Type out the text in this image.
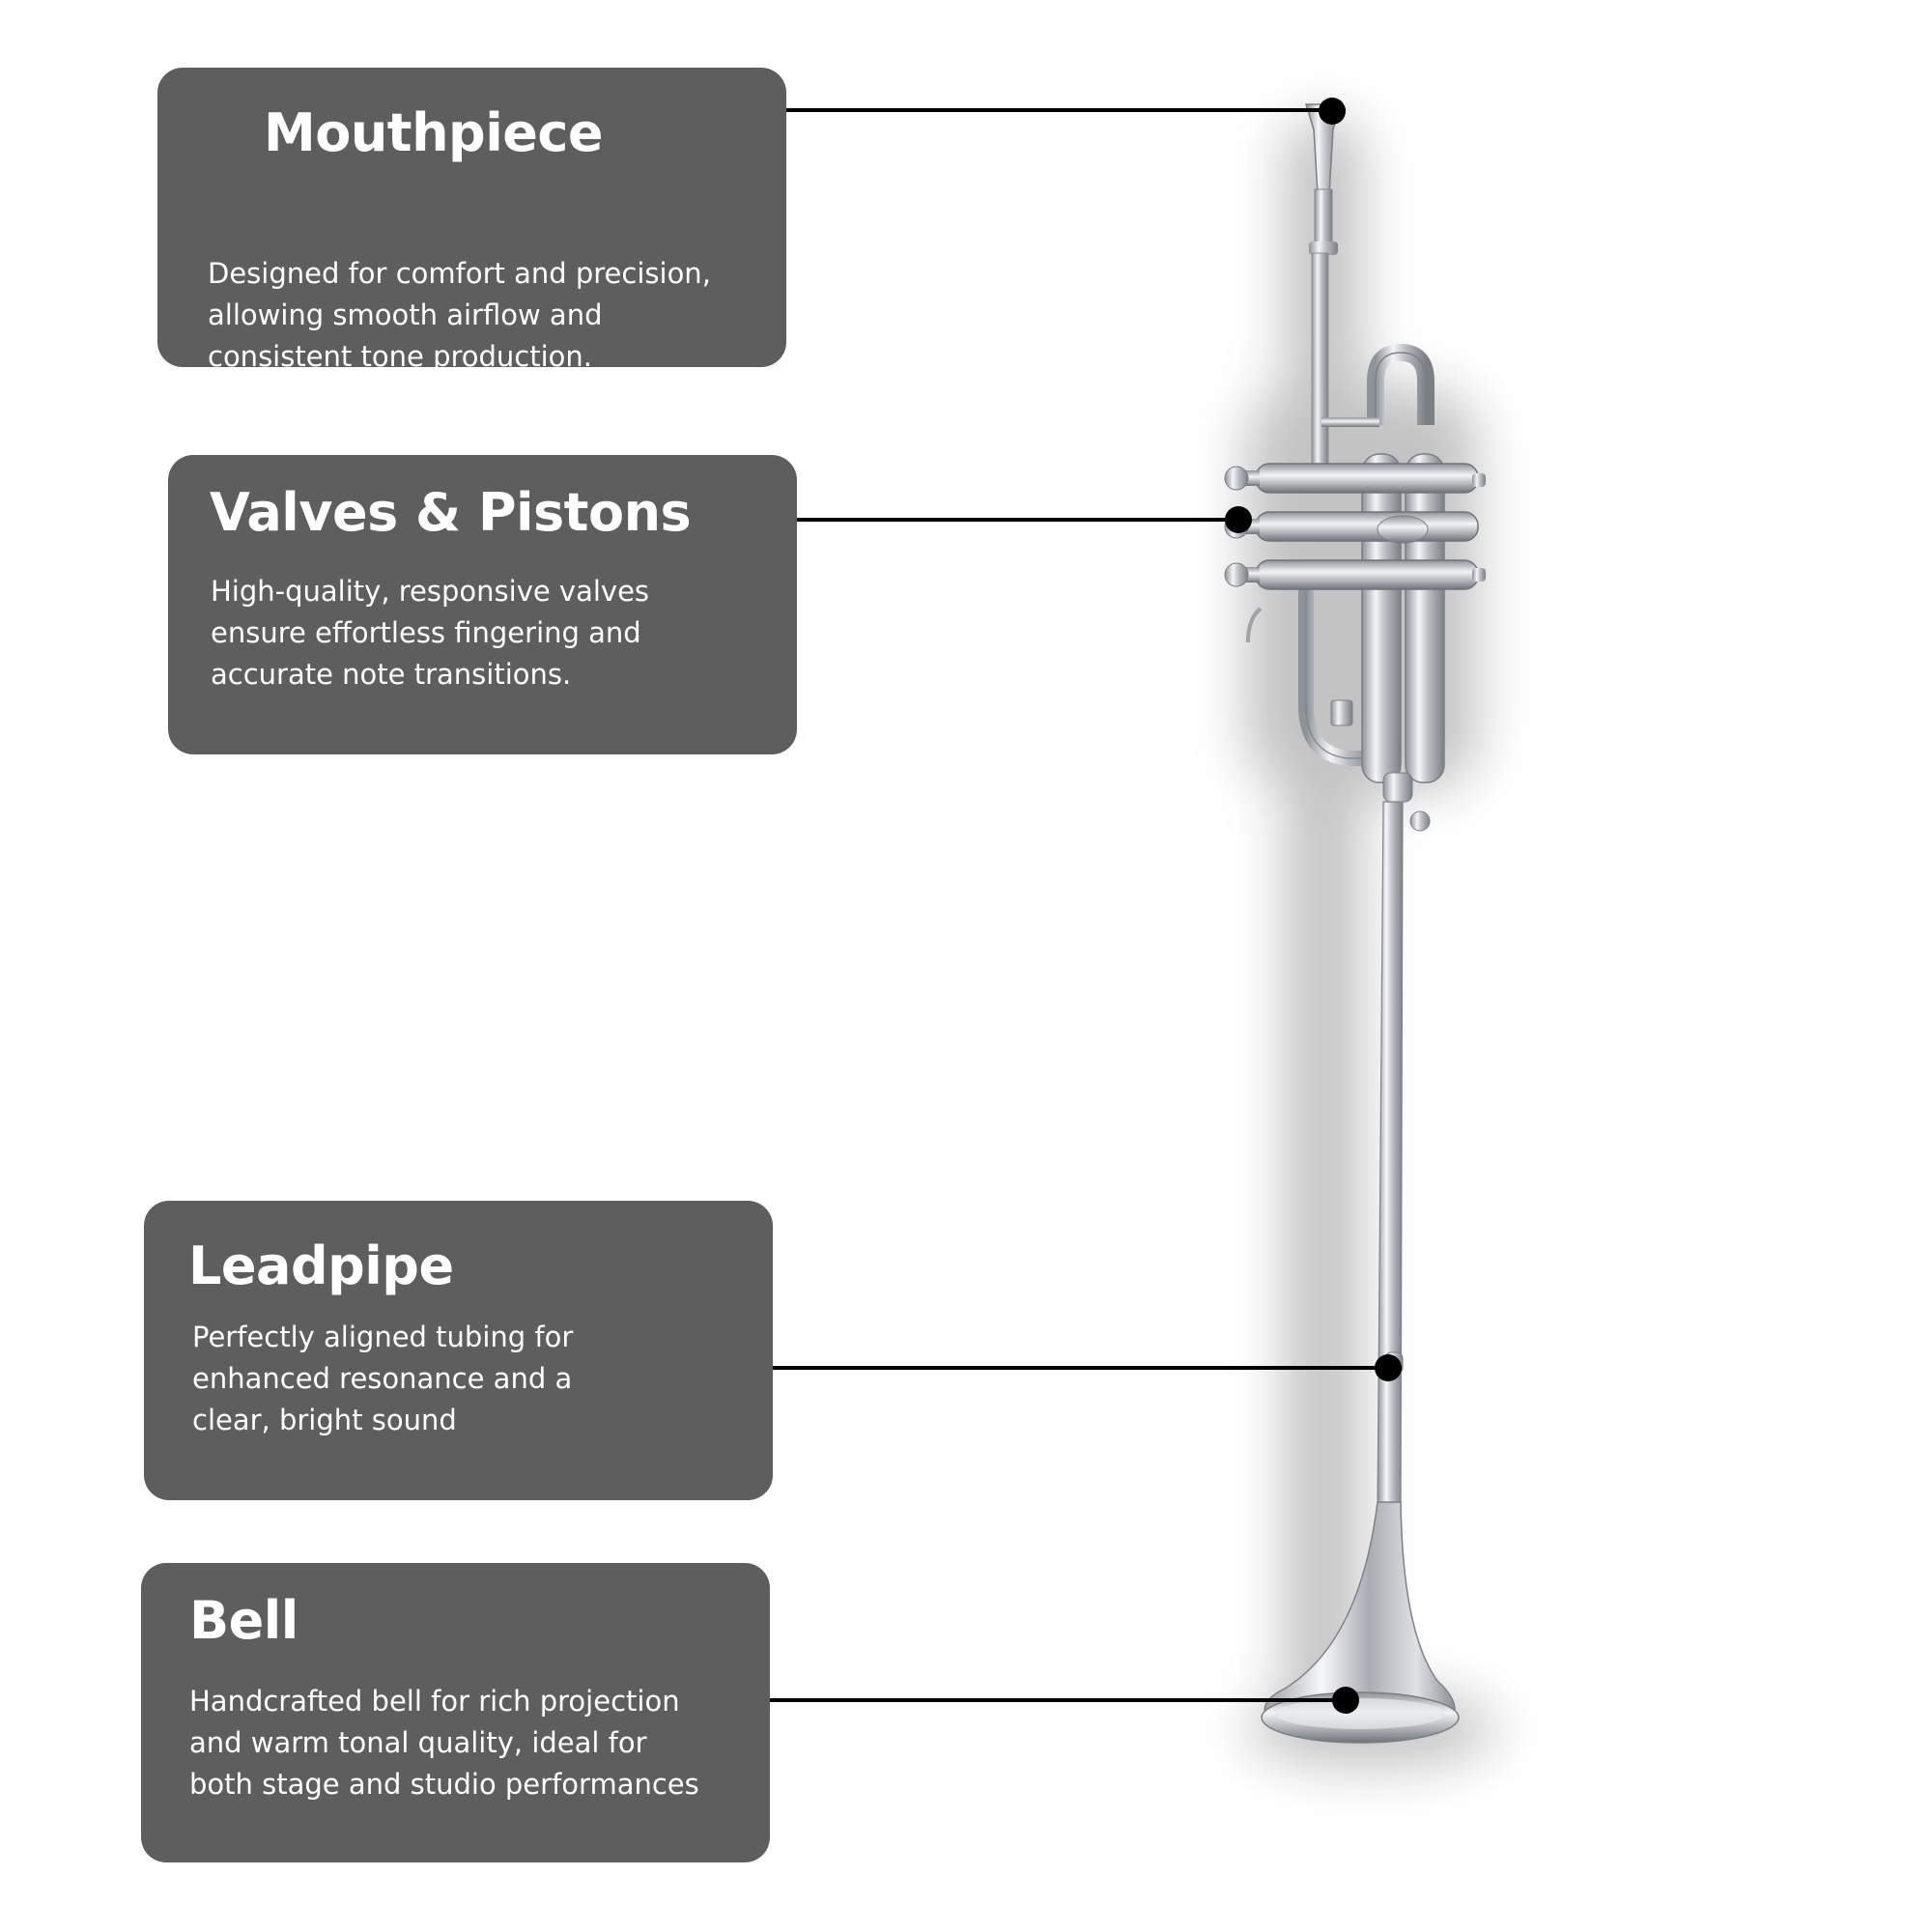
Mouthpiece

Designed for comfort and precision,
allowing smooth airflow and
consistent tone production.

Valves & Pistons

High-quality, responsive valves
ensure effortless fingering and
accurate note transitions.

Leadpipe

Perfectly aligned tubing for
enhanced resonance and a
clear, bright sound

Bell

Handcrafted bell for rich projection
and warm tonal quality, ideal for
both stage and studio performances
